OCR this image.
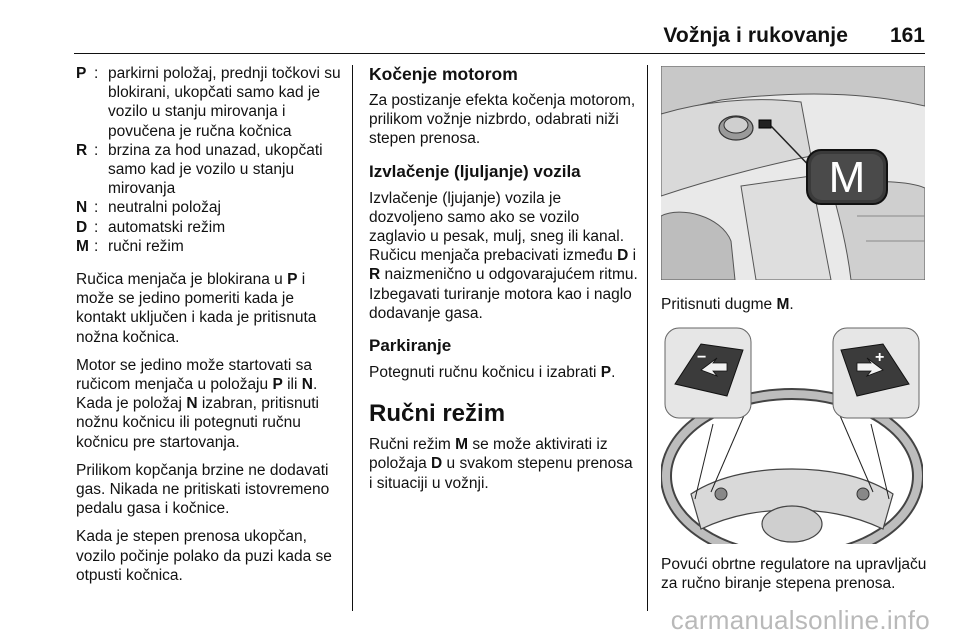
Vožnja i rukovanje 161
P : parkirni položaj, prednji točkovi su blokirani, ukopčati samo kad je vozilo u stanju mirovanja i povučena je ručna kočnica
R : brzina za hod unazad, ukopčati samo kad je vozilo u stanju mirovanja
N : neutralni položaj
D : automatski režim
M : ručni režim

Ručica menjača je blokirana u P i može se jedino pomeriti kada je kontakt uključen i kada je pritisnuta nožna kočnica.

Motor se jedino može startovati sa ručicom menjača u položaju P ili N. Kada je položaj N izabran, pritisnuti nožnu kočnicu ili potegnuti ručnu kočnicu pre startovanja.

Prilikom kopčanja brzine ne dodavati gas. Nikada ne pritiskati istovremeno pedalu gasa i kočnice.

Kada je stepen prenosa ukopčan, vozilo počinje polako da puzi kada se otpusti kočnica.

Kočenje motorom

Za postizanje efekta kočenja motorom, prilikom vožnje nizbrdo, odabrati niži stepen prenosa.

Izvlačenje (ljuljanje) vozila

Izvlačenje (ljujanje) vozila je dozvoljeno samo ako se vozilo zaglavio u pesak, mulj, sneg ili kanal. Ručicu menjača prebacivati između D i R naizmenično u odgovarajućem ritmu. Izbegavati turiranje motora kao i naglo dodavanje gasa.

Parkiranje

Potegnuti ručnu kočnicu i izabrati P.

Ručni režim

Ručni režim M se može aktivirati iz položaja D u svakom stepenu prenosa i situaciji u vožnji.

M

Pritisnuti dugme M.

−	+

Povući obrtne regulatore na upravljaču za ručno biranje stepena prenosa.

carmanualsonline.info
